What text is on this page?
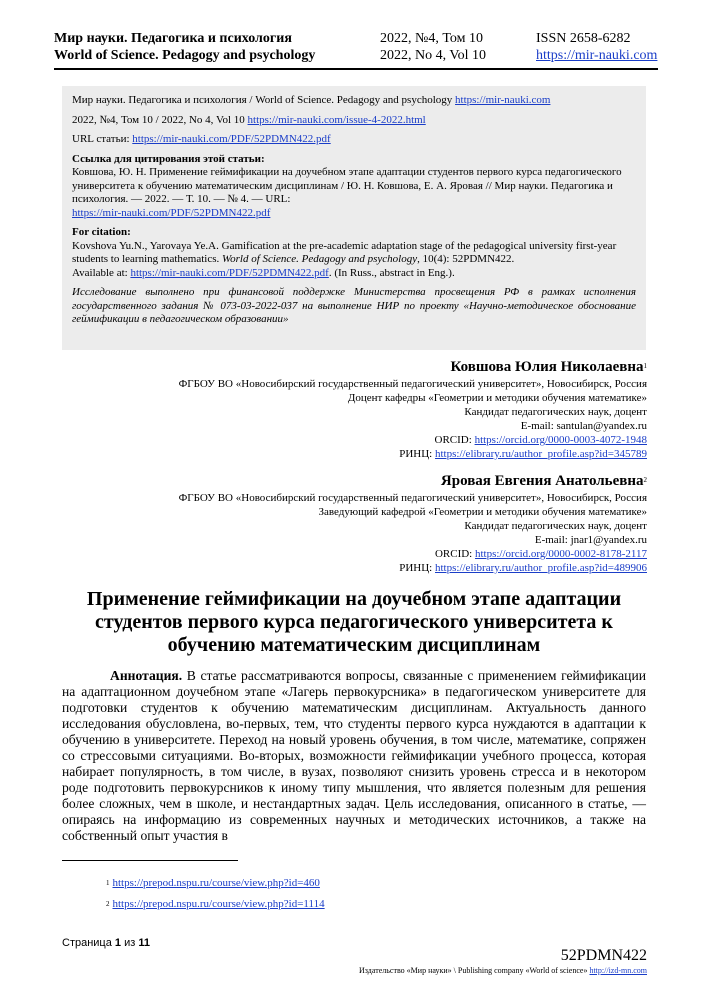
Мир науки. Педагогика и психология	2022, №4, Том 10	ISSN 2658-6282
World of Science. Pedagogy and psychology	2022, No 4, Vol 10	https://mir-nauki.com

Мир науки. Педагогика и психология / World of Science. Pedagogy and psychology https://mir-nauki.com

2022, №4, Том 10 / 2022, No 4, Vol 10 https://mir-nauki.com/issue-4-2022.html

URL статьи: https://mir-nauki.com/PDF/52PDMN422.pdf

Ссылка для цитирования этой статьи:
Ковшова, Ю. Н. Применение геймификации на доучебном этапе адаптации студентов первого курса педагогического университета к обучению математическим дисциплинам / Ю. Н. Ковшова, Е. А. Яровая // Мир науки. Педагогика и психология. — 2022. — Т. 10. — № 4. — URL:
https://mir-nauki.com/PDF/52PDMN422.pdf

For citation:
Kovshova Yu.N., Yarovaya Ye.A. Gamification at the pre-academic adaptation stage of the pedagogical university first-year students to learning mathematics. World of Science. Pedagogy and psychology, 10(4): 52PDMN422.
Available at: https://mir-nauki.com/PDF/52PDMN422.pdf. (In Russ., abstract in Eng.).

Исследование выполнено при финансовой поддержке Министерства просвещения РФ в рамках исполнения государственного задания № 073-03-2022-037 на выполнение НИР по проекту «Научно-методическое обоснование геймификации в педагогическом образовании»

Ковшова Юлия Николаевна$^1$
ФГБОУ ВО «Новосибирский государственный педагогический университет», Новосибирск, Россия
Доцент кафедры «Геометрии и методики обучения математике»
Кандидат педагогических наук, доцент
E-mail: santulan@yandex.ru
ORCID: https://orcid.org/0000-0003-4072-1948
РИНЦ: https://elibrary.ru/author_profile.asp?id=345789
Яровая Евгения Анатольевна$^2$
ФГБОУ ВО «Новосибирский государственный педагогический университет», Новосибирск, Россия
Заведующий кафедрой «Геометрии и методики обучения математике»
Кандидат педагогических наук, доцент
E-mail: jnar1@yandex.ru
ORCID: https://orcid.org/0000-0002-8178-2117
РИНЦ: https://elibrary.ru/author_profile.asp?id=489906
Применение геймификации на доучебном этапе адаптации студентов первого курса педагогического университета к обучению математическим дисциплинам
Аннотация. В статье рассматриваются вопросы, связанные с применением геймификации на адаптационном доучебном этапе «Лагерь первокурсника» в педагогическом университете для подготовки студентов к обучению математическим дисциплинам. Актуальность данного исследования обусловлена, во-первых, тем, что студенты первого курса нуждаются в адаптации к обучению в университете. Переход на новый уровень обучения, в том числе, математике, сопряжен со стрессовыми ситуациями. Во-вторых, возможности геймификации учебного процесса, которая набирает популярность, в том числе, в вузах, позволяют снизить уровень стресса и в некотором роде подготовить первокурсников к иному типу мышления, что является полезным для решения более сложных, чем в школе, и нестандартных задач. Цель исследования, описанного в статье, — опираясь на информацию из современных научных и методических источников, а также на собственный опыт участия в
$^1$ https://prepod.nspu.ru/course/view.php?id=460
$^2$ https://prepod.nspu.ru/course/view.php?id=1114
Страница 1 из 11
52PDMN422
Издательство «Мир науки» \ Publishing company «World of science» http://izd-mn.com
